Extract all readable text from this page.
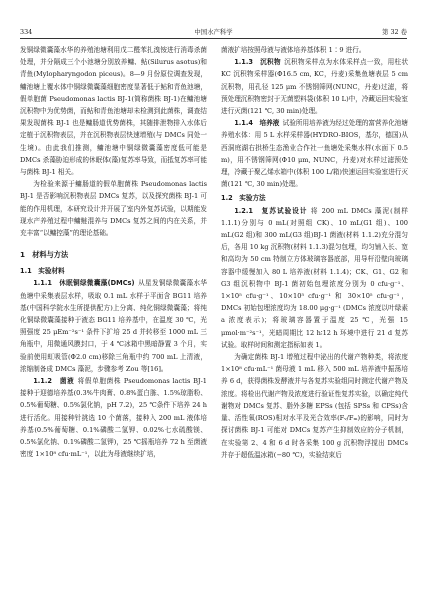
334	中国水产科学	第 32 卷

发铜绿微囊藻水华的养殖池塘利用戊二醛苯扎溴铵进行消毒杀菌处理，并分隔成三个小池塘分别放养鳙、鲇(Silurus asotus)和青鱼(Mylopharyngodon piceus)。8—9 月份原位调查发现，鳙池塘上覆水体中铜绿微囊藻细胞密度显著低于鲇和青鱼池塘，假单胞菌 Pseudomonas lactis BJ-1(简称菌株 BJ-1)在鳙池塘沉积物中为优势菌，而鲇和青鱼池塘却未检测到此菌株，调查结果发现菌株 BJ-1 也是鳙肠道优势菌株，其随排泄物排入水体后定植于沉积物表层，并在沉积物表层快速增殖(与 DMCs 同处一生境)。由此我们推测，鳙池塘中铜绿微囊藻密度低可能是 DMCs 杀藻胁迫形成的休眠体(藻)复苏率导致，而抵复苏率可能与菌株 BJ-1 相关。

为检验来源于鳙肠道的假单胞菌株 Pseudomonas lactis BJ-1 是否影响沉积物表层 DMCs 复苏，以及探究菌株 BJ-1 可能的作用机理，本研究设计并开展了室内外复苏试验，以期能发现水产养殖过程中鳙鲢混养与 DMCs 复苏之间的内在关系，并充丰富“以鳙控藻”的理论基础。

1　材料与方法
1.1　实验材料

1.1.1　休眠铜绿微囊藻(DMCs) 从星发铜绿微囊藻水华鱼塘中采集表层水样，吸取 0.1 mL 水样于平面含 BG11 培养基(中国科学院水生所提供配方)上分离、纯化铜绿微囊藻；将纯化铜绿微囊藻接种于液态 BG11 培养基中，在温度 30 ℃，光照强度 25 μEm⁻²s⁻¹ 条件下扩培 25 d 并转移至 1000 mL 三角瓶中，用微通风膜封口，于 4 ℃冰箱中黑暗静置 3 个月，实验前使用虹吸管(Φ2.0 cm)移除三角瓶中约 700 mL 上清液，浓缩制备成 DMCs 藻泥，步骤参考 Zou 等[16]。

1.1.2　菌液 将假单胞菌株 Pseudomonas lactis BJ-1 接种于迎德培养基(0.3%牛肉膏、0.8%蛋白胨、1.5%琼脂粉、0.5%葡萄糖、0.5%氯化钠，pH 7.2)，25 ℃条件下培养 24 h 进行活化。用接种针挑选 10 个菌落，接种入 200 mL 液体培养基(0.5%葡萄糖、0.1%磷酸二氢钾、0.02%七水硫酸镁、0.5%氯化钠、0.1%磷酸二氢钾)，25 ℃摇瓶培养 72 h 至菌液密度 1×10⁸ cfu·mL⁻¹，以此为母液继续扩培，

菌液扩培按照母液与液体培养基体积 1∶9 进行。

1.1.3　沉积物 沉积物采样点为水体采样点一致，用柱状 KC 沉积物采样器(Φ16.5 cm, KC，丹麦)采集鱼塘表层 5 cm 沉积物，用孔径 125 μm 不锈钢筛网(NUNC，丹麦)过滤，将预处理沉积物密封于无菌塑料袋(体积 10 L)中，冷藏运回实验室进行灭菌(121 ℃, 30 min)处理。

1.1.4　培养液 试验所用培养液为经过处理的富营养化池塘养殖水体：用 5 L 水样采样器(HYDRO-BIOS，基尔，德国)从西洞庭湖右拱桥生态渔业合作社一鱼塘处采集水样(水面下 0.5 m)，用不锈钢筛网(Φ10 μm, NUNC，丹麦)对水样过滤预处理，冷藏于聚乙烯水箱中(体积 100 L/箱)快速运回实验室进行灭菌(121 ℃, 30 min)处理。

1.2　实验方法

1.2.1　复苏试验设计 将 200 mL DMCs 藻泥(制样 1.1.1)分别与 0 mL(对照组 CK)、10 mL(G1 组)、100 mL(G2 组)和 300 mL(G3 组)BJ-1 菌液(材料 1.1.2)充分混匀后，各用 10 kg 沉积物(材料 1.1.3)混匀包埋，均匀铺入长、宽和高均为 50 cm 特制立方体玻璃容器底部，用导杆沿壁向玻璃容器中缓慢加入 80 L 培养液(材料 1.1.4)；CK、G1、G2 和 G3 组沉积物中 BJ-1 菌初始包埋浓度分别为 0 cfu·g⁻¹、1×10⁵ cfu·g⁻¹、10×10⁵ cfu·g⁻¹ 和 30×10⁵ cfu·g⁻¹，DMCs 初始包埋浓度均为 18.00 μg·g⁻¹ (DMCs 浓度以叶绿素 a 浓度表示)；将玻璃容器置于温度 25 ℃，光强 15 μmol·m⁻²s⁻¹，光暗周期比 12 h∶12 h 环境中进行 21 d 复苏试验。取样时间和测定指标如表 1。

为确定菌株 BJ-1 增殖过程中泌出的代谢产物种类，将浓度 1×10⁸ cfu·mL⁻¹ 菌母液 1 mL 移入 500 mL 培养液中振荡培养 6 d，获得菌株发酵液并与各复苏实验组同时测定代谢产物及浓度。将检出代谢产物及浓度进行验证性复苏实验，以确定纯代谢物对 DMCs 复苏、脂外多糖 EPSs (包括 SPSs 和 CPSs)含量、活性氧(ROS)相对水平及光合效率(Fᵥ/Fₘ)的影响，同时为探讨菌株 BJ-1 可能对 DMCs 复苏产生抑制效应的分子机制，在实验第 2、4 和 6 d 时各采集 100 g 沉积物浮搅出 DMCs 并存于超低温冰箱(−80 ℃)，实验结束后
